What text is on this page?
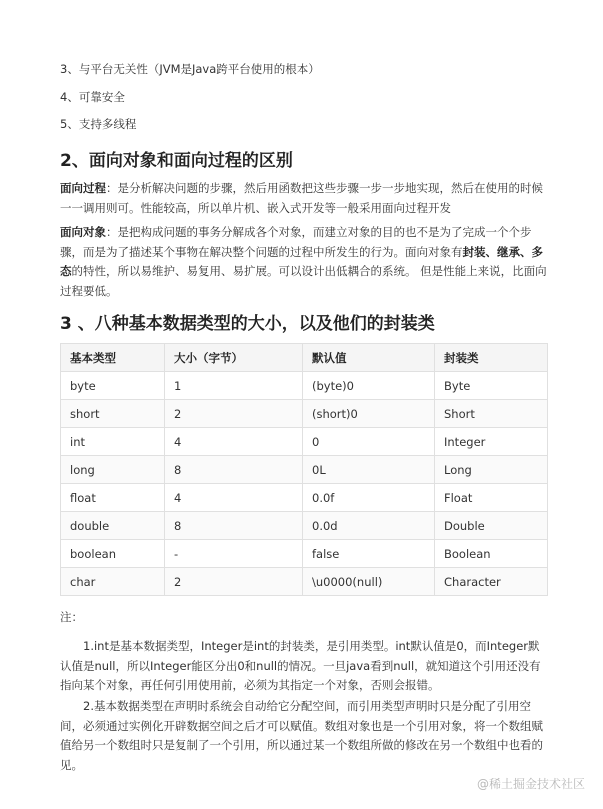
3、与平台无关性（JVM是Java跨平台使用的根本）
4、可靠安全
5、支持多线程
2、面向对象和面向过程的区别
面向过程：是分析解决问题的步骤，然后用函数把这些步骤一步一步地实现，然后在使用的时候一一调用则可。性能较高，所以单片机、嵌入式开发等一般采用面向过程开发
面向对象：是把构成问题的事务分解成各个对象，而建立对象的目的也不是为了完成一个个步骤，而是为了描述某个事物在解决整个问题的过程中所发生的行为。面向对象有封装、继承、多态的特性，所以易维护、易复用、易扩展。可以设计出低耦合的系统。 但是性能上来说，比面向过程要低。
3 、八种基本数据类型的大小，以及他们的封装类
基本类型	大小（字节）	默认值	封装类
byte	1	(byte)0	Byte
short	2	(short)0	Short
int	4	0	Integer
long	8	0L	Long
float	4	0.0f	Float
double	8	0.0d	Double
boolean	-	false	Boolean
char	2	\u0000(null)	Character
注：
1.int是基本数据类型，Integer是int的封装类，是引用类型。int默认值是0，而Integer默认值是null，所以Integer能区分出0和null的情况。一旦java看到null，就知道这个引用还没有指向某个对象，再任何引用使用前，必须为其指定一个对象，否则会报错。
2.基本数据类型在声明时系统会自动给它分配空间，而引用类型声明时只是分配了引用空间，必须通过实例化开辟数据空间之后才可以赋值。数组对象也是一个引用对象，将一个数组赋值给另一个数组时只是复制了一个引用，所以通过某一个数组所做的修改在另一个数组中也看的见。
@稀土掘金技术社区
